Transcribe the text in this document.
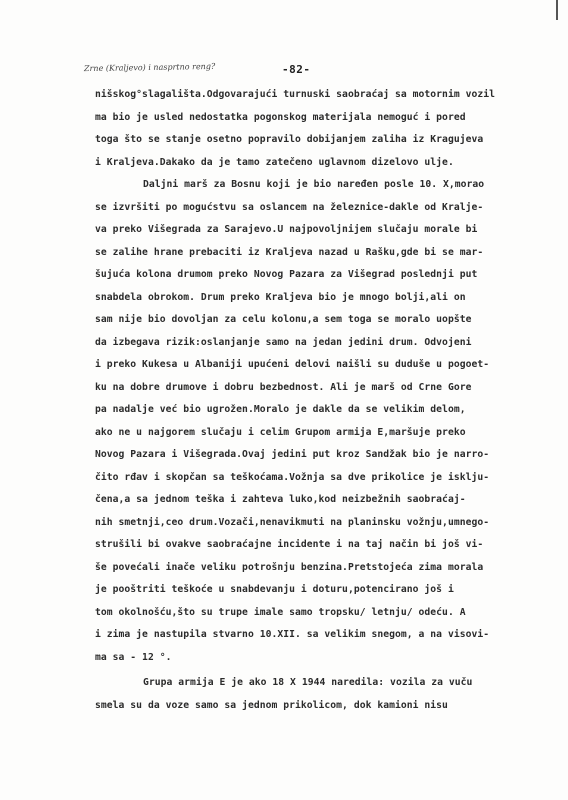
Zrne (Kraljevo) i nasprtno reng?	-82-
nišskog°slagališta.Odgovarajući turnuski saobraćaj sa motornim vozil
ma bio je usled nedostatka pogonskog materijala nemoguć i pored
toga što se stanje osetno popravilo dobijanjem zaliha iz Kragujeva
i Kraljeva.Dakako da je tamo zatečeno uglavnom dizelovo ulje.
Daljni marš za Bosnu koji je bio naređen posle 10. X,morao
se izvršiti po mogućstvu sa oslancem na železnice-dakle od Kralje-
va preko Višegrada za Sarajevo.U najpovoljnijem slučaju morale bi
se zalihe hrane prebaciti iz Kraljeva nazad u Rašku,gde bi se mar-
šujuća kolona drumom preko Novog Pazara za Višegrad poslednji put
snabdela obrokom. Drum preko Kraljeva bio je mnogo bolji,ali on
sam nije bio dovoljan za celu kolonu,a sem toga se moralo uopšte
da izbegava rizik:oslanjanje samo na jedan jedini drum. Odvojeni
i preko Kukesa u Albaniji upućeni delovi naišli su duduše u pogoet-
ku na dobre drumove i dobru bezbednost. Ali je marš od Crne Gore
pa nadalje već bio ugrožen.Moralo je dakle da se velikim delom,
ako ne u najgorem slučaju i celim Grupom armija E,maršuje preko
Novog Pazara i Višegrada.Ovaj jedini put kroz Sandžak bio je narro-
čito rđav i skopčan sa teškoćama.Vožnja sa dve prikolice je isklju-
čena,a sa jednom teška i zahteva luko,kod neizbežnih saobraćaj-
nih smetnji,ceo drum.Vozači,nenavikmuti na planinsku vožnju,umnego-
strušili bi ovakve saobraćajne incidente i na taj način bi još vi-
še povećali inače veliku potrošnju benzina.Pretstojeća zima morala
je pooštriti teškoće u snabdevanju i doturu,potencirano još i
tom okolnošću,što su trupe imale samo tropsku/ letnju/ odeću. A
i zima je nastupila stvarno 10.XII. sa velikim snegom, a na visovi-
ma sa - 12 °.
Grupa armija E je ako 18 X 1944 naredila: vozila za vuču
smela su da voze samo sa jednom prikolicom, dok kamioni nisu
